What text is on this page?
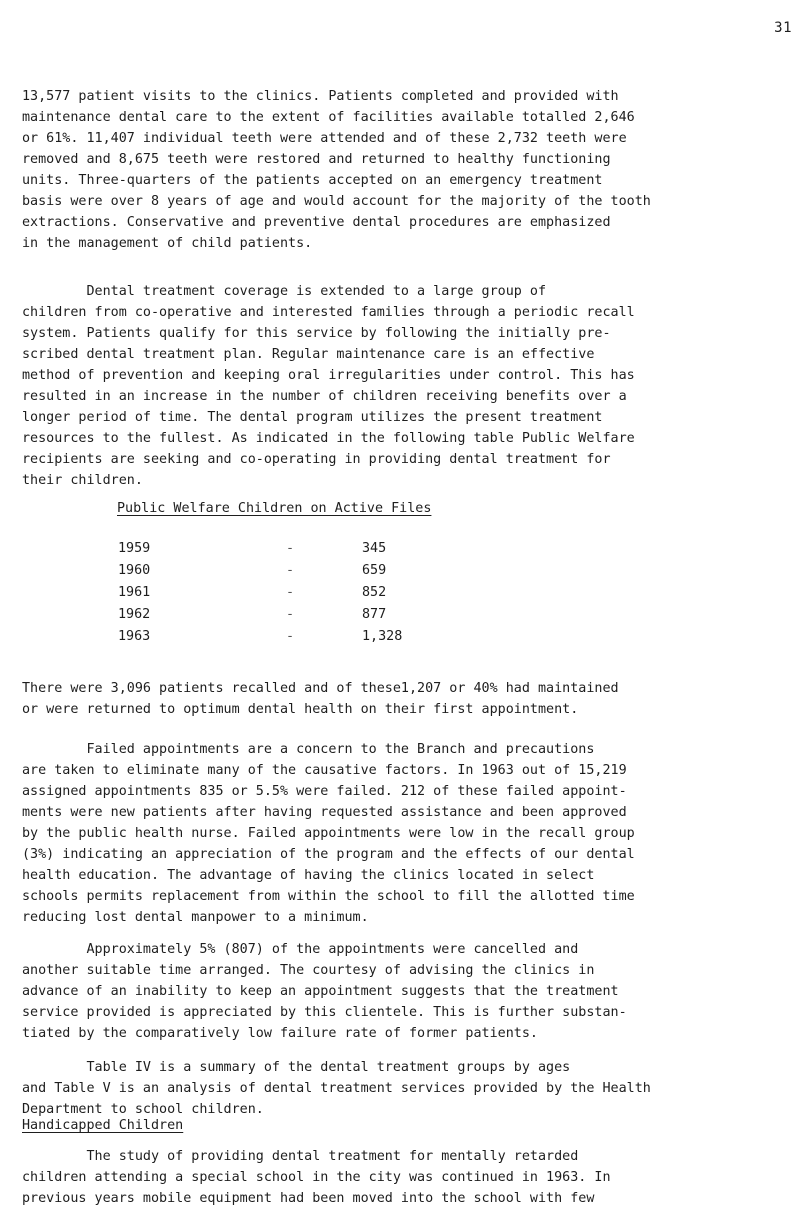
31
13,577 patient visits to the clinics. Patients completed and provided with
maintenance dental care to the extent of facilities available totalled 2,646
or 61%. 11,407 individual teeth were attended and of these 2,732 teeth were
removed and 8,675 teeth were restored and returned to healthy functioning
units. Three-quarters of the patients accepted on an emergency treatment
basis were over 8 years of age and would account for the majority of the tooth
extractions. Conservative and preventive dental procedures are emphasized
in the management of child patients.
Dental treatment coverage is extended to a large group of
children from co-operative and interested families through a periodic recall
system. Patients qualify for this service by following the initially pre-
scribed dental treatment plan. Regular maintenance care is an effective
method of prevention and keeping oral irregularities under control. This has
resulted in an increase in the number of children receiving benefits over a
longer period of time. The dental program utilizes the present treatment
resources to the fullest. As indicated in the following table Public Welfare
recipients are seeking and co-operating in providing dental treatment for
their children.
Public Welfare Children on Active Files
1959	-	345
1960	-	659
1961	-	852
1962	-	877
1963	-	1,328
There were 3,096 patients recalled and of these1,207 or 40% had maintained
or were returned to optimum dental health on their first appointment.
Failed appointments are a concern to the Branch and precautions
are taken to eliminate many of the causative factors. In 1963 out of 15,219
assigned appointments 835 or 5.5% were failed. 212 of these failed appoint-
ments were new patients after having requested assistance and been approved
by the public health nurse. Failed appointments were low in the recall group
(3%) indicating an appreciation of the program and the effects of our dental
health education. The advantage of having the clinics located in select
schools permits replacement from within the school to fill the allotted time
reducing lost dental manpower to a minimum.
Approximately 5% (807) of the appointments were cancelled and
another suitable time arranged. The courtesy of advising the clinics in
advance of an inability to keep an appointment suggests that the treatment
service provided is appreciated by this clientele. This is further substan-
tiated by the comparatively low failure rate of former patients.
Table IV is a summary of the dental treatment groups by ages
and Table V is an analysis of dental treatment services provided by the Health
Department to school children.
Handicapped Children
The study of providing dental treatment for mentally retarded
children attending a special school in the city was continued in 1963. In
previous years mobile equipment had been moved into the school with few
